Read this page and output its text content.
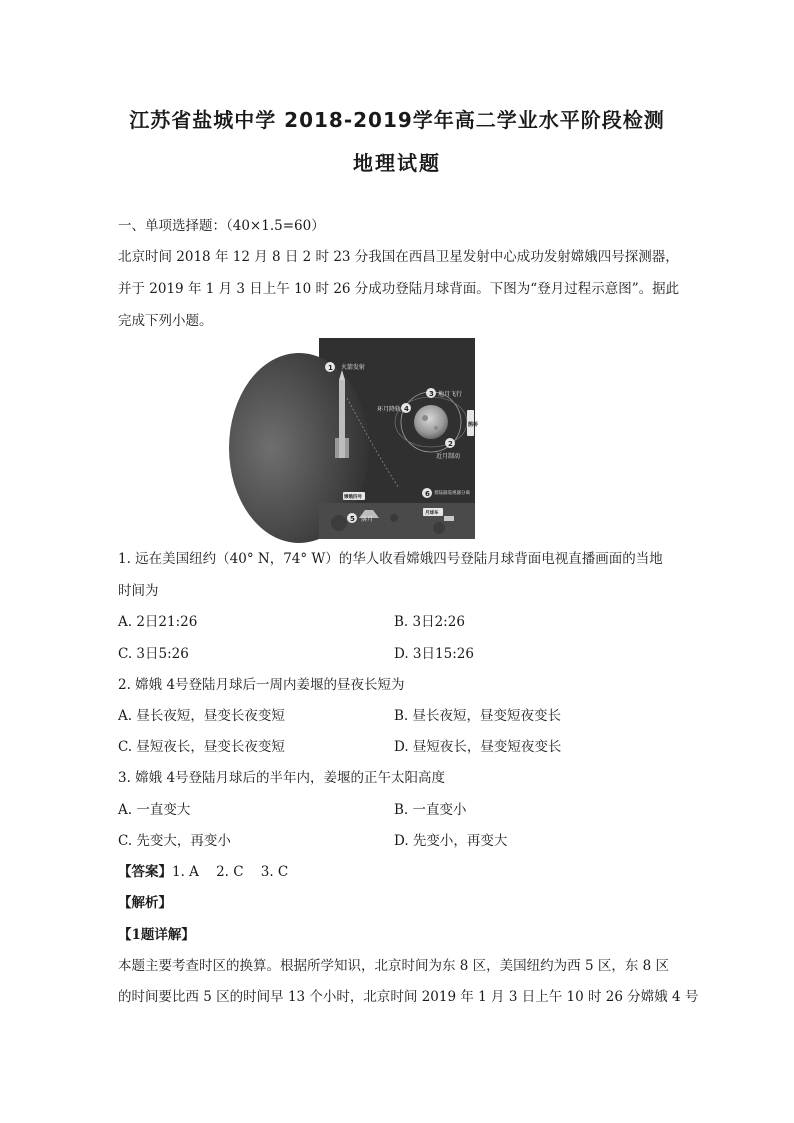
江苏省盐城中学 2018-2019学年高二学业水平阶段检测
地理试题
一、单项选择题：（40×1.5=60）
北京时间 2018 年 12 月 8 日 2 时 23 分我国在西昌卫星发射中心成功发射嫦娥四号探测器，
并于 2019 年 1 月 3 日上午 10 时 26 分成功登陆月球背面。下图为“登月过程示意图”。据此
完成下列小题。
鹊桥
1 火箭发射
2
近月制动
3 地月飞行
4
环月降轨
5 落月
6 着陆器巡视器分离
嫦娥四号
月球车
1. 远在美国纽约（40° N，74° W）的华人收看嫦娥四号登陆月球背面电视直播画面的当地
时间为
A. 2日21:26	B. 3日2:26
C. 3日5:26	D. 3日15:26
2. 嫦娥 4号登陆月球后一周内姜堰的昼夜长短为
A. 昼长夜短，昼变长夜变短	B. 昼长夜短，昼变短夜变长
C. 昼短夜长，昼变长夜变短	D. 昼短夜长，昼变短夜变长
3. 嫦娥 4号登陆月球后的半年内，姜堰的正午太阳高度
A. 一直变大	B. 一直变小
C. 先变大，再变小	D. 先变小，再变大
【答案】1. A    2. C    3. C
【解析】
【1题详解】
本题主要考查时区的换算。根据所学知识，北京时间为东 8 区，美国纽约为西 5 区，东 8 区
的时间要比西 5 区的时间早 13 个小时，北京时间 2019 年 1 月 3 日上午 10 时 26 分嫦娥 4 号
